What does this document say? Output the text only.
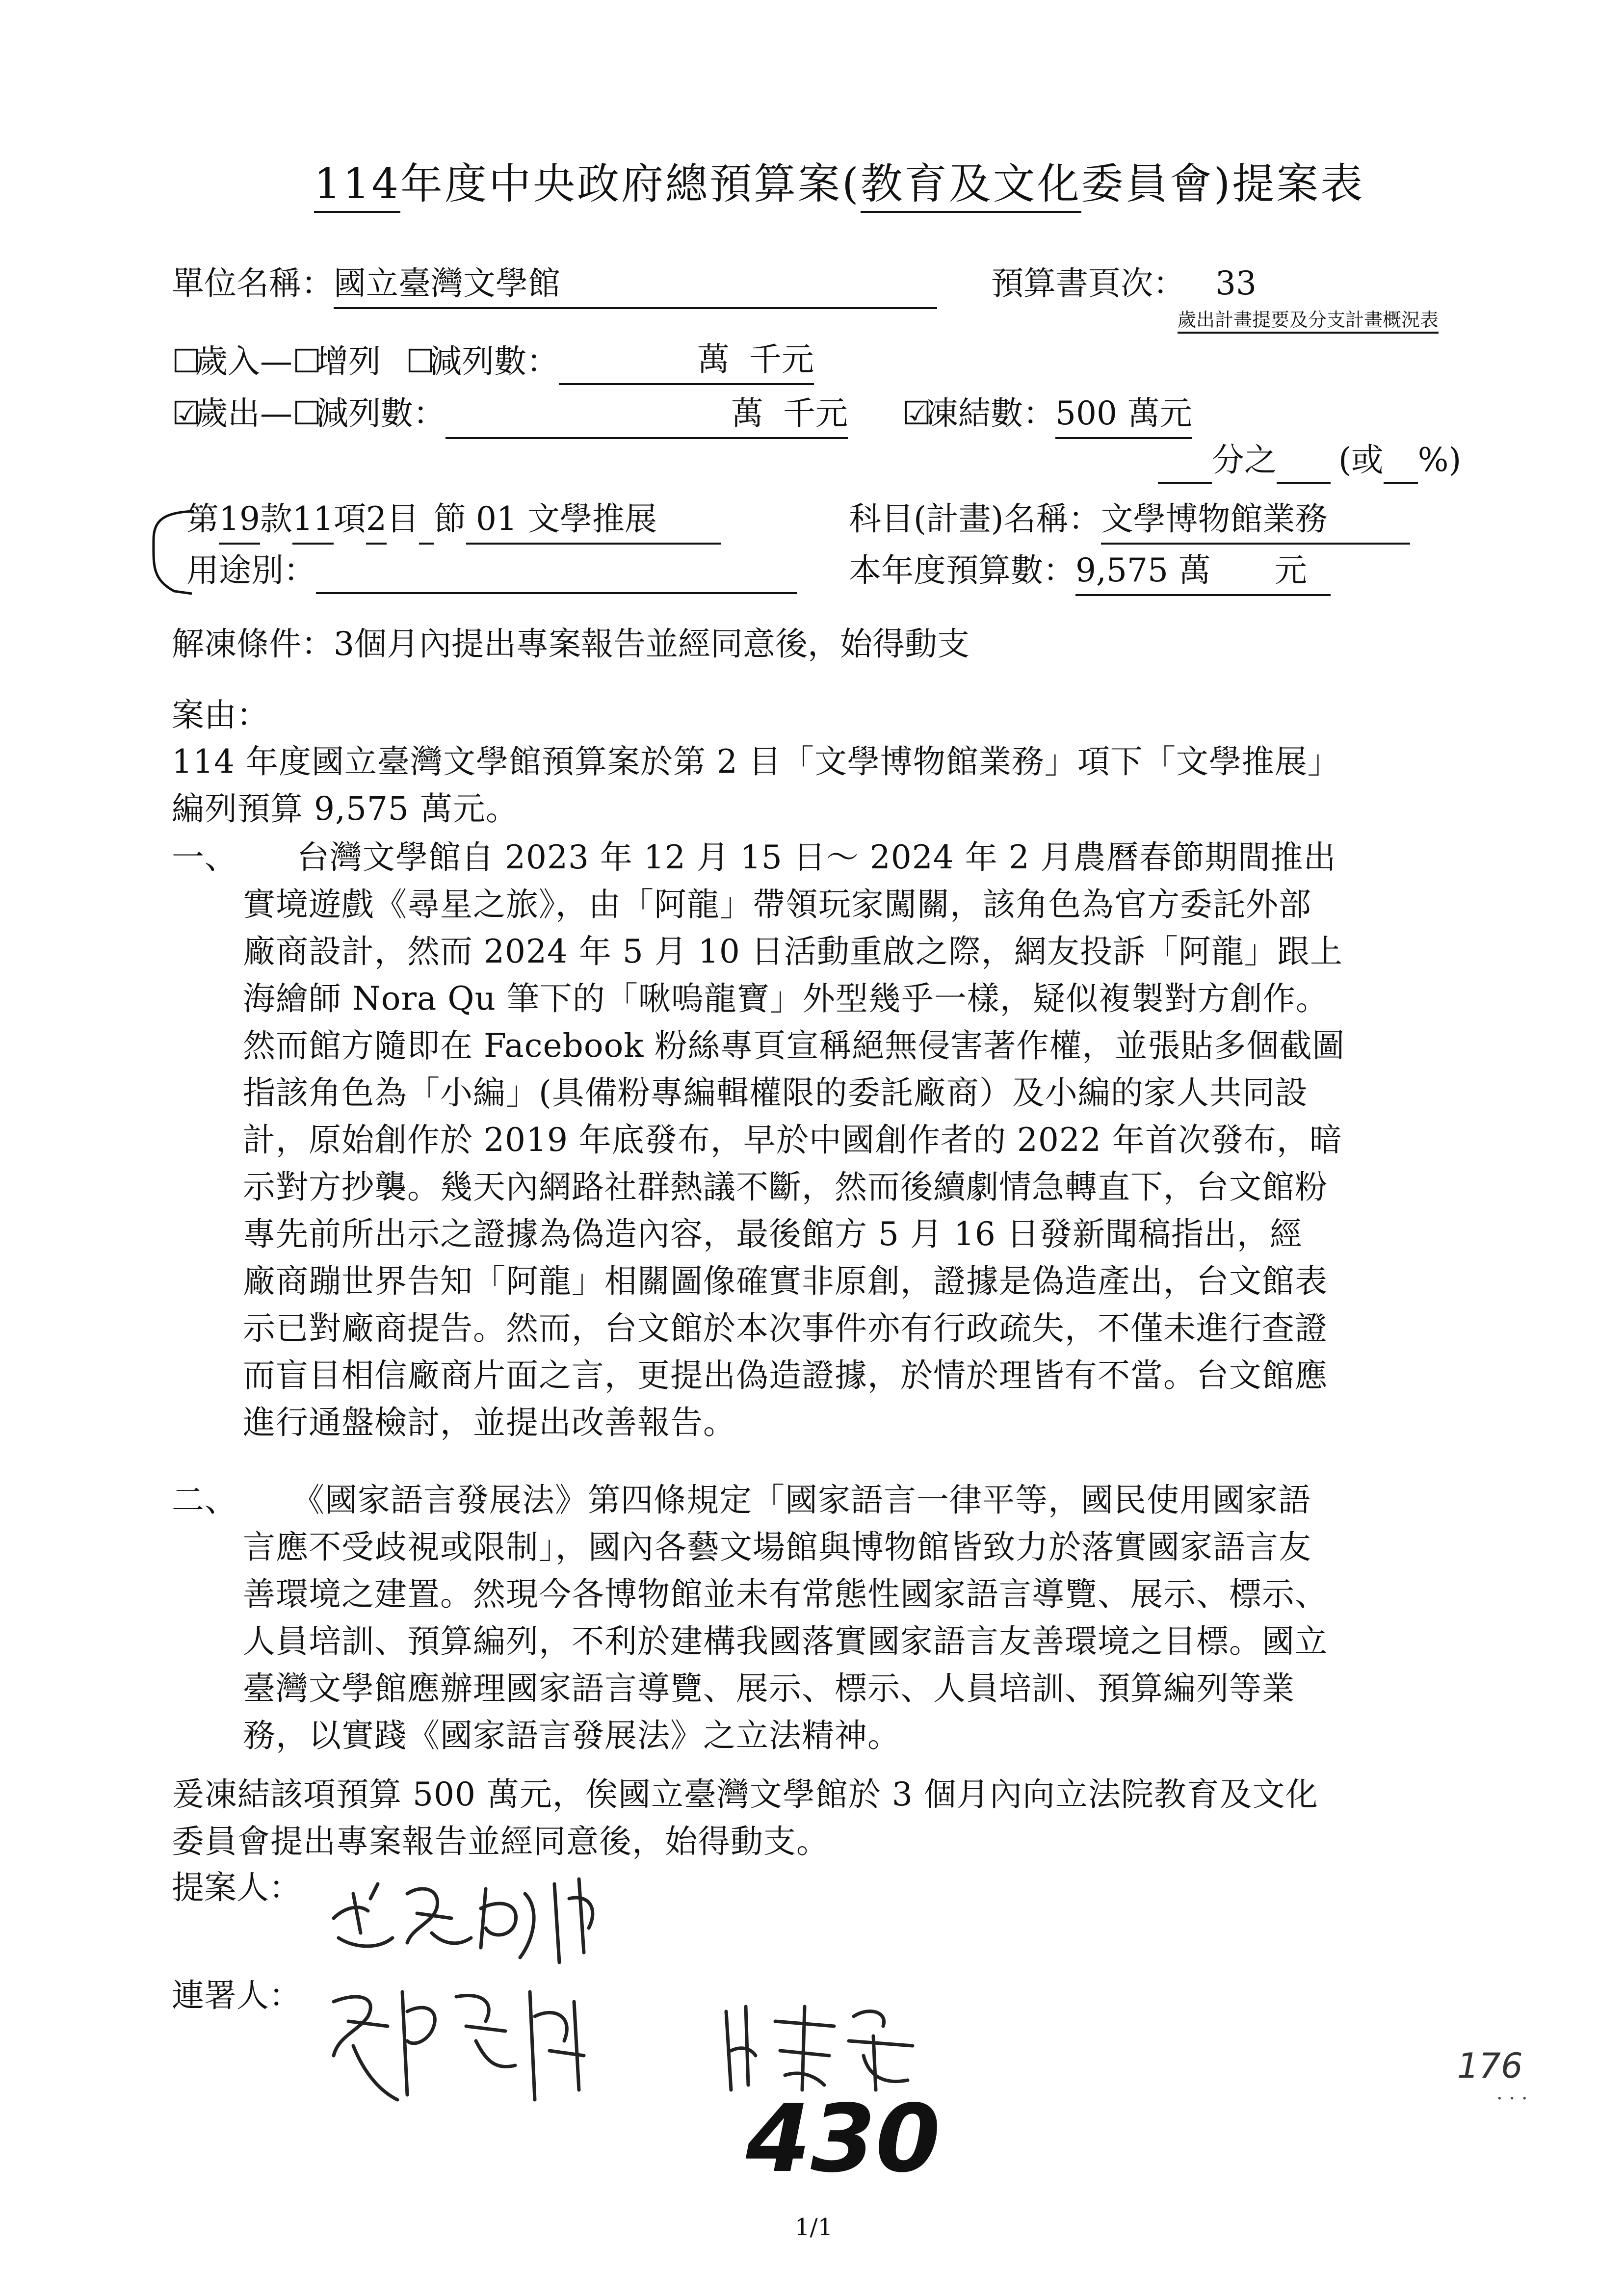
114年度中央政府總預算案(教育及文化委員會)提案表
單位名稱：國立臺灣文學館	預算書頁次： 33
歲出計畫提要及分支計畫概況表
☐歲入—☐增列 ☐減列數：	萬 千元
☑歲出—☐減列數：	萬 千元 ☑凍結數：500 萬元
分之 (或 %)
第19款11項2目 節 01 文學推展	科目(計畫)名稱：文學博物館業務
用途別：	本年度預算數：9,575 萬 元
解凍條件：3個月內提出專案報告並經同意後，始得動支
案由：
114 年度國立臺灣文學館預算案於第 2 目「文學博物館業務」項下「文學推展」
編列預算 9,575 萬元。
一、	台灣文學館自 2023 年 12 月 15 日～ 2024 年 2 月農曆春節期間推出
實境遊戲《尋星之旅》，由「阿龍」帶領玩家闖關，該角色為官方委託外部
廠商設計，然而 2024 年 5 月 10 日活動重啟之際，網友投訴「阿龍」跟上
海繪師 Nora Qu 筆下的「啾嗚龍寶」外型幾乎一樣，疑似複製對方創作。
然而館方隨即在 Facebook 粉絲專頁宣稱絕無侵害著作權，並張貼多個截圖
指該角色為「小編」(具備粉專編輯權限的委託廠商）及小編的家人共同設
計，原始創作於 2019 年底發布，早於中國創作者的 2022 年首次發布，暗
示對方抄襲。幾天內網路社群熱議不斷，然而後續劇情急轉直下，台文館粉
專先前所出示之證據為偽造內容，最後館方 5 月 16 日發新聞稿指出，經
廠商蹦世界告知「阿龍」相關圖像確實非原創，證據是偽造產出，台文館表
示已對廠商提告。然而，台文館於本次事件亦有行政疏失，不僅未進行查證
而盲目相信廠商片面之言，更提出偽造證據，於情於理皆有不當。台文館應
進行通盤檢討，並提出改善報告。
二、	《國家語言發展法》第四條規定「國家語言一律平等，國民使用國家語
言應不受歧視或限制」，國內各藝文場館與博物館皆致力於落實國家語言友
善環境之建置。然現今各博物館並未有常態性國家語言導覽、展示、標示、
人員培訓、預算編列，不利於建構我國落實國家語言友善環境之目標。國立
臺灣文學館應辦理國家語言導覽、展示、標示、人員培訓、預算編列等業
務，以實踐《國家語言發展法》之立法精神。
爰凍結該項預算 500 萬元，俟國立臺灣文學館於 3 個月內向立法院教育及文化
委員會提出專案報告並經同意後，始得動支。
提案人：
連署人：
176
· · ·
430
1/1
